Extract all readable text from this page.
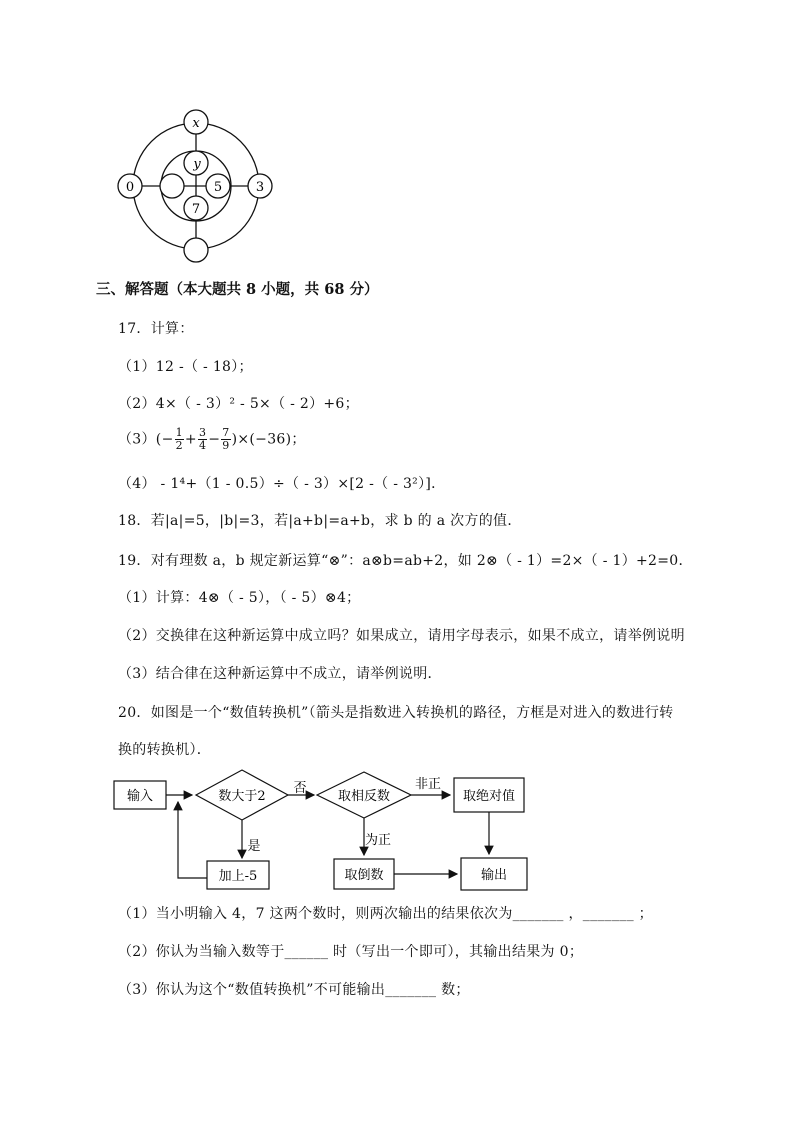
x
0	3
y
5
7
三、解答题（本大题共 8 小题，共 68 分）
17．计算：
（1）12 -（ - 18）；
（2）4×（ - 3）² - 5×（ - 2）+6；
$(3)(- \frac{1}{2} + \frac{3}{4} - \frac{7}{9} )\times(-36)$；
（4） - 1⁴+（1 - 0.5）÷（ - 3）×[2 -（ - 3²）]．
18．若|a|=5，|b|=3，若|a+b|=a+b，求 b 的 a 次方的值．
19．对有理数 a，b 规定新运算“⊗”：a⊗b=ab+2，如 2⊗（ - 1）=2×（ - 1）+2=0．
（1）计算：4⊗（ - 5），（ - 5）⊗4；
（2）交换律在这种新运算中成立吗？如果成立，请用字母表示，如果不成立，请举例说明
（3）结合律在这种新运算中不成立，请举例说明．
20．如图是一个“数值转换机”（箭头是指数进入转换机的路径，方框是对进入的数进行转
换的转换机）．
输入	数大于2
否
取相反数
非正
取绝对值
输出
是
加上-5
为正
取倒数
（1）当小明输入 4，7 这两个数时，则两次输出的结果依次为_______ ，_______ ；
（2）你认为当输入数等于______ 时（写出一个即可），其输出结果为 0；
（3）你认为这个“数值转换机”不可能输出_______ 数；
